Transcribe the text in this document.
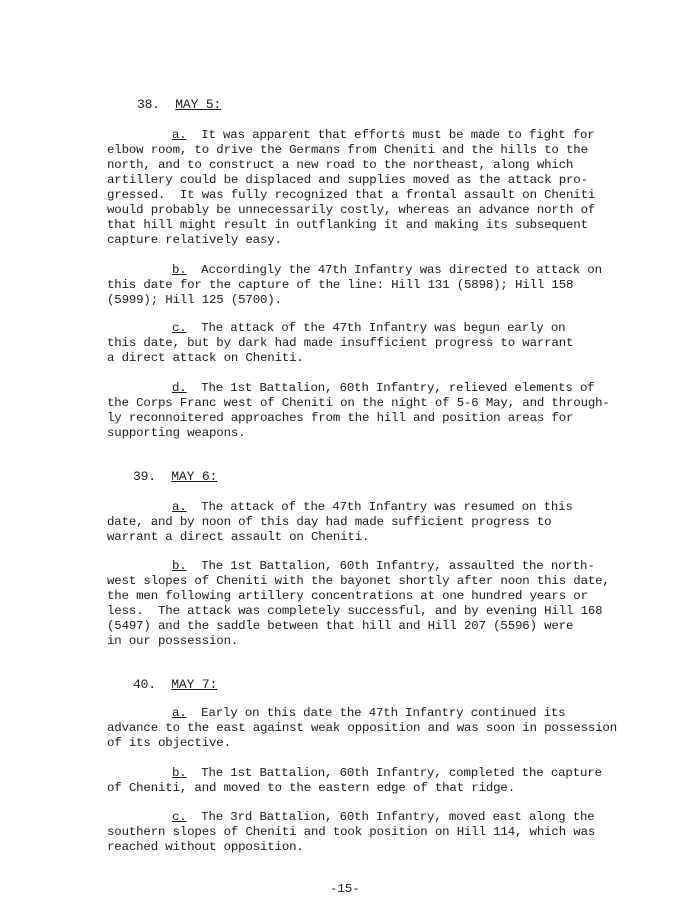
38. MAY 5:
a. It was apparent that efforts must be made to fight for
elbow room, to drive the Germans from Cheniti and the hills to the
north, and to construct a new road to the northeast, along which
artillery could be displaced and supplies moved as the attack pro-
gressed.  It was fully recognized that a frontal assault on Cheniti
would probably be unnecessarily costly, whereas an advance north of
that hill might result in outflanking it and making its subsequent
capture relatively easy.
b. Accordingly the 47th Infantry was directed to attack on
this date for the capture of the line: Hill 131 (5898); Hill 158
(5999); Hill 125 (5700).
c. The attack of the 47th Infantry was begun early on
this date, but by dark had made insufficient progress to warrant
a direct attack on Cheniti.
d. The 1st Battalion, 60th Infantry, relieved elements of
the Corps Franc west of Cheniti on the night of 5-6 May, and through-
ly reconnoitered approaches from the hill and position areas for
supporting weapons.
39. MAY 6:
a. The attack of the 47th Infantry was resumed on this
date, and by noon of this day had made sufficient progress to
warrant a direct assault on Cheniti.
b. The 1st Battalion, 60th Infantry, assaulted the north-
west slopes of Cheniti with the bayonet shortly after noon this date,
the men following artillery concentrations at one hundred years or
less.  The attack was completely successful, and by evening Hill 168
(5497) and the saddle between that hill and Hill 207 (5596) were
in our possession.
40. MAY 7:
a. Early on this date the 47th Infantry continued its
advance to the east against weak opposition and was soon in possession
of its objective.
b. The 1st Battalion, 60th Infantry, completed the capture
of Cheniti, and moved to the eastern edge of that ridge.
c. The 3rd Battalion, 60th Infantry, moved east along the
southern slopes of Cheniti and took position on Hill 114, which was
reached without opposition.
-15-
